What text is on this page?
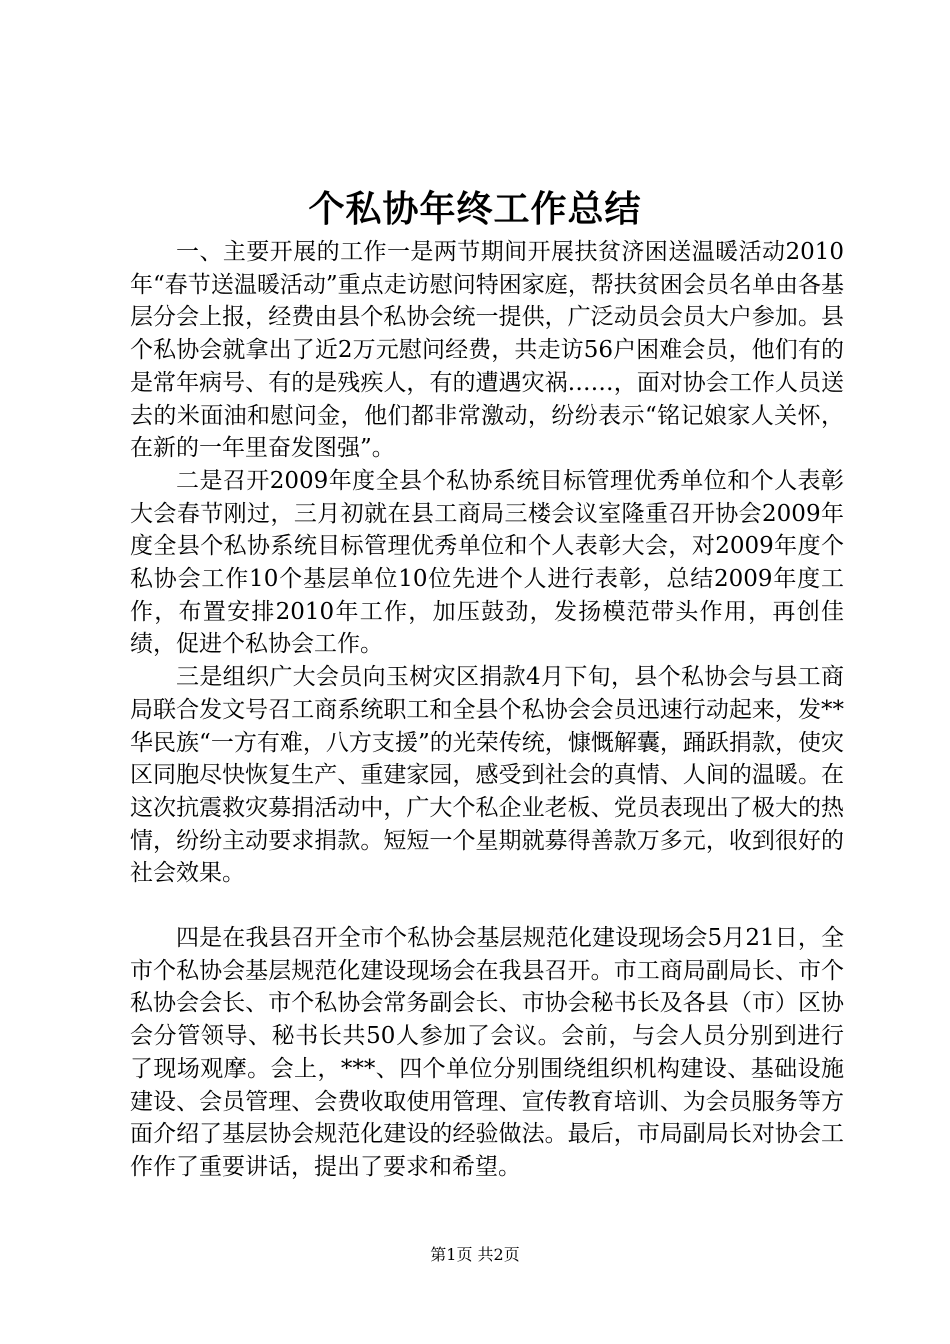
个私协年终工作总结

一、主要开展的工作一是两节期间开展扶贫济困送温暖活动2010年“春节送温暖活动”重点走访慰问特困家庭，帮扶贫困会员名单由各基层分会上报，经费由县个私协会统一提供，广泛动员会员大户参加。县个私协会就拿出了近2万元慰问经费，共走访56户困难会员，他们有的是常年病号、有的是残疾人，有的遭遇灾祸……，面对协会工作人员送去的米面油和慰问金，他们都非常激动，纷纷表示“铭记娘家人关怀，在新的一年里奋发图强”。

二是召开2009年度全县个私协系统目标管理优秀单位和个人表彰大会春节刚过，三月初就在县工商局三楼会议室隆重召开协会2009年度全县个私协系统目标管理优秀单位和个人表彰大会，对2009年度个私协会工作10个基层单位10位先进个人进行表彰，总结2009年度工作，布置安排2010年工作，加压鼓劲，发扬模范带头作用，再创佳绩，促进个私协会工作。

三是组织广大会员向玉树灾区捐款4月下旬，县个私协会与县工商局联合发文号召工商系统职工和全县个私协会会员迅速行动起来，发**华民族“一方有难，八方支援”的光荣传统，慷慨解囊，踊跃捐款，使灾区同胞尽快恢复生产、重建家园，感受到社会的真情、人间的温暖。在这次抗震救灾募捐活动中，广大个私企业老板、党员表现出了极大的热情，纷纷主动要求捐款。短短一个星期就募得善款万多元，收到很好的社会效果。

四是在我县召开全市个私协会基层规范化建设现场会5月21日，全市个私协会基层规范化建设现场会在我县召开。市工商局副局长、市个私协会会长、市个私协会常务副会长、市协会秘书长及各县（市）区协会分管领导、秘书长共50人参加了会议。会前，与会人员分别到进行了现场观摩。会上，***、四个单位分别围绕组织机构建设、基础设施建设、会员管理、会费收取使用管理、宣传教育培训、为会员服务等方面介绍了基层协会规范化建设的经验做法。最后，市局副局长对协会工作作了重要讲话，提出了要求和希望。

第1页 共2页
